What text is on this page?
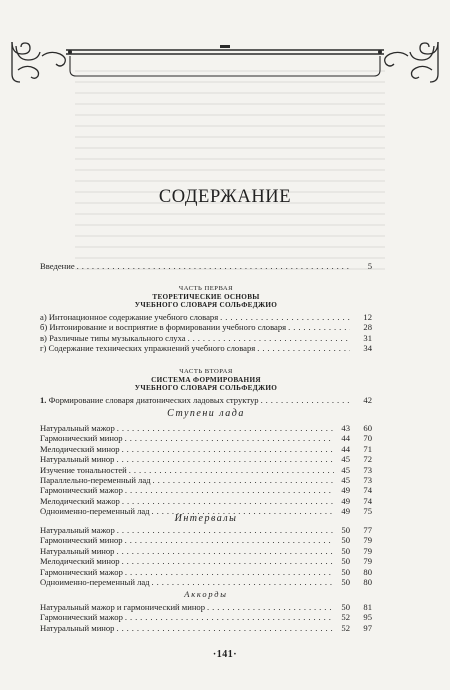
СОДЕРЖАНИЕ
Введение . . .	5
ЧАСТЬ ПЕРВАЯ
ТЕОРЕТИЧЕСКИЕ ОСНОВЫ
УЧЕБНОГО СЛОВАРЯ СОЛЬФЕДЖИО
а) Интонационное содержание учебного словаря . . .	12
б) Интонирование и восприятие в формировании учебного словаря . . .	28
в) Различные типы музыкального слуха . . .	31
г) Содержание технических упражнений учебного словаря . . .	34
ЧАСТЬ ВТОРАЯ
СИСТЕМА ФОРМИРОВАНИЯ
УЧЕБНОГО СЛОВАРЯ СОЛЬФЕДЖИО
1. Формирование словаря диатонических ладовых структур . . .	42
Ступени лада
Натуральный мажор . . .	43	60
Гармонический минор . . .	44	70
Мелодический минор . . .	44	71
Натуральный минор . . .	45	72
Изучение тональностей . . .	45	73
Параллельно-переменный лад . . .	45	73
Гармонический мажор . . .	49	74
Мелодический мажор . . .	49	74
Одноименно-переменный лад . . .	49	75
Интервалы
Натуральный мажор . . .	50	77
Гармонический минор . . .	50	79
Натуральный минор . . .	50	79
Мелодический минор . . .	50	79
Гармонический мажор . . .	50	80
Одноименно-переменный лад . . .	50	80
Аккорды
Натуральный мажор и гармонический минор . . .	50	81
Гармонический мажор . . .	52	95
Натуральный минор . . .	52	97
·141·
